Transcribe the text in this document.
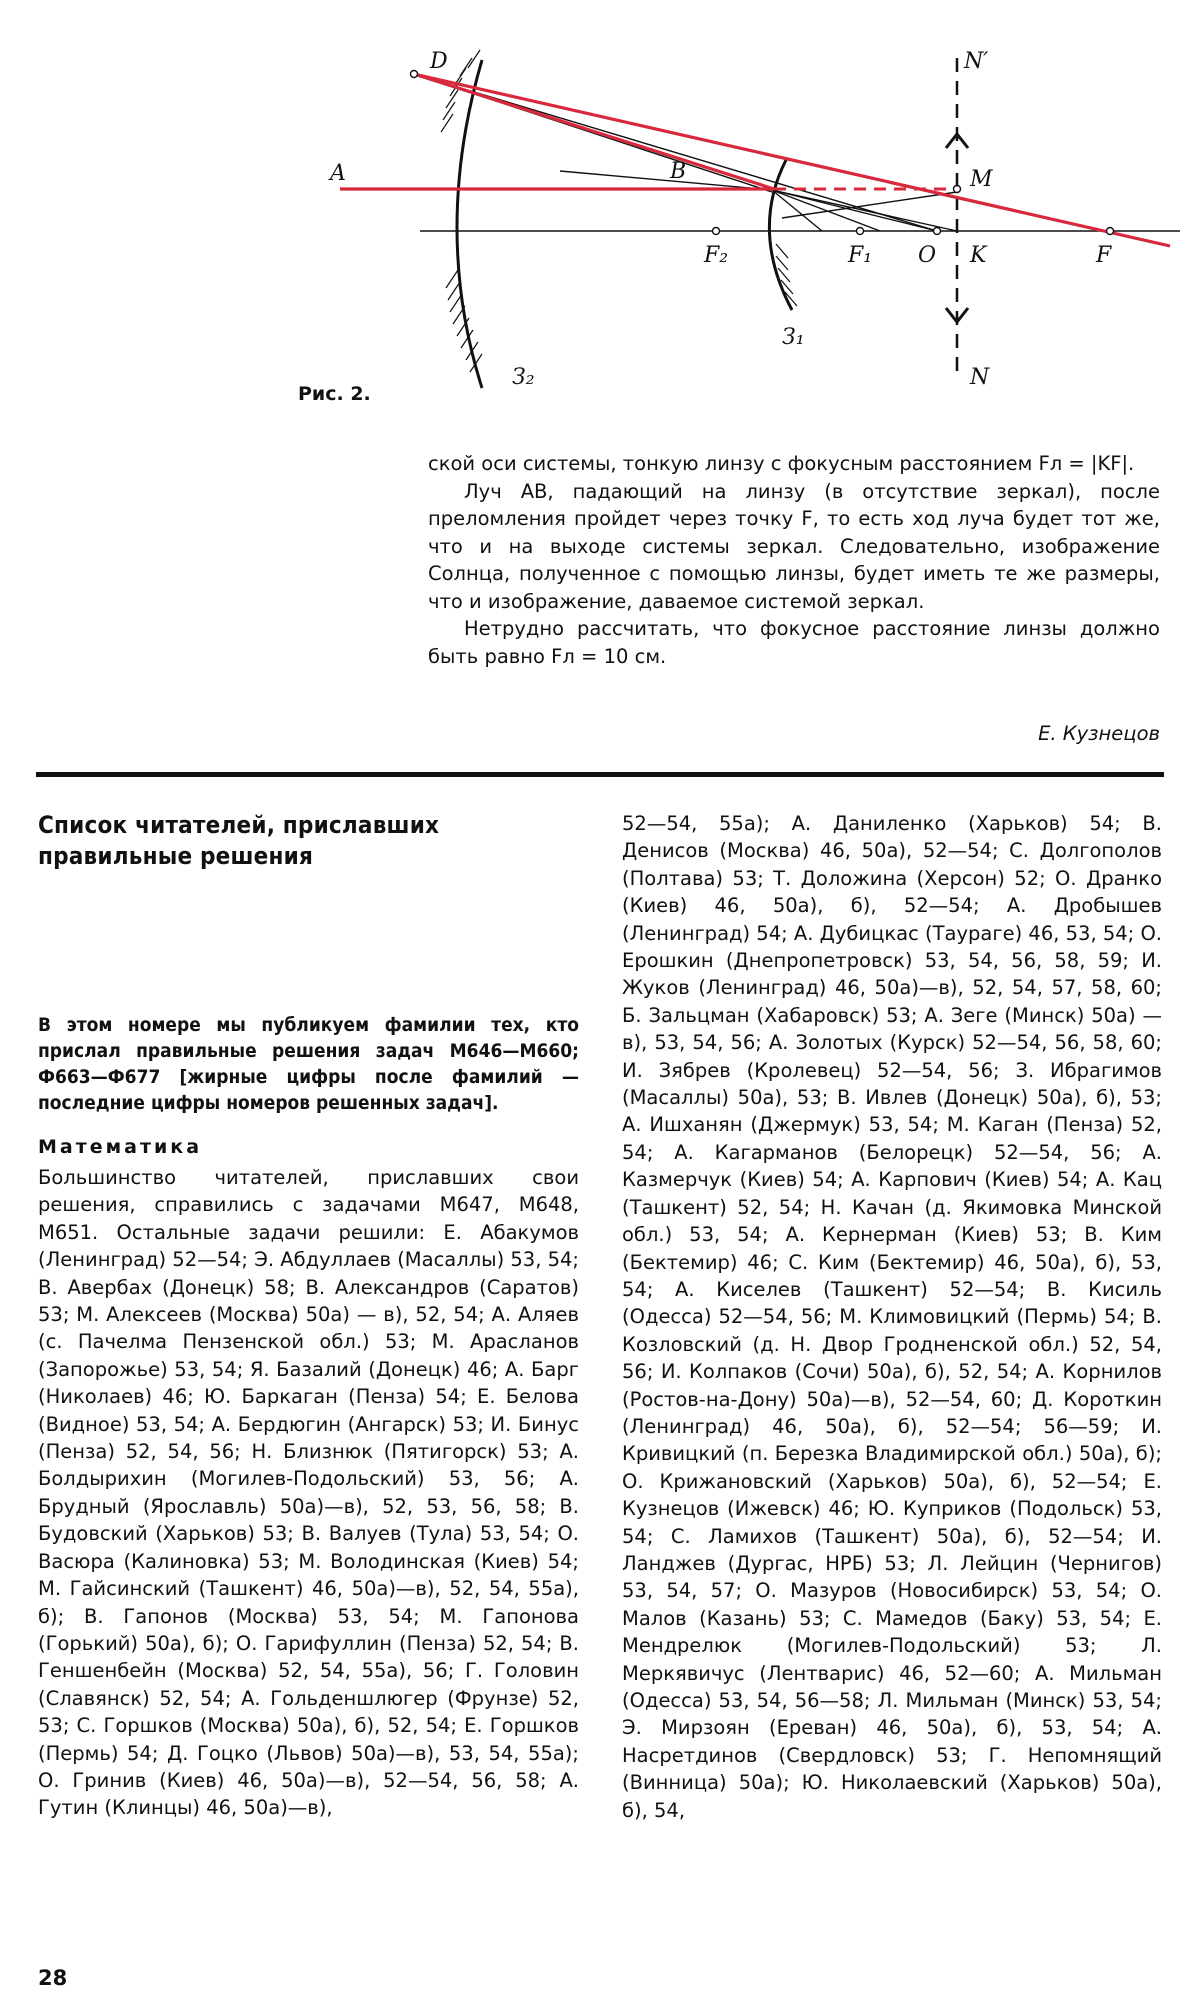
D
A	B	M
N′
N
F₂	F₁ O K	F
З₁
З₂
Рис. 2.

ской оси системы, тонкую линзу с фокусным расстоянием Fл = |KF|.

Луч AB, падающий на линзу (в отсутствие зеркал), после преломления пройдет через точку F, то есть ход луча будет тот же, что и на выходе системы зеркал. Следовательно, изображение Солнца, полученное с помощью линзы, будет иметь те же размеры, что и изображение, даваемое системой зеркал.

Нетрудно рассчитать, что фокусное расстояние линзы должно быть равно Fл = 10 см.

Е. Кузнецов
Список читателей, приславших правильные решения

В этом номере мы публикуем фамилии тех, кто прислал правильные решения задач М646—М660; Ф663—Ф677 [жирные цифры после фамилий — последние цифры номеров решенных задач].

Математика

Большинство читателей, приславших свои решения, справились с задачами М647, М648, М651. Остальные задачи решили: Е. Абакумов (Ленинград) 52—54; Э. Абдуллаев (Масаллы) 53, 54; В. Авербах (Донецк) 58; В. Александров (Саратов) 53; М. Алексеев (Москва) 50а) — в), 52, 54; А. Аляев (с. Пачелма Пензенской обл.) 53; М. Арасланов (Запорожье) 53, 54; Я. Базалий (Донецк) 46; А. Барг (Николаев) 46; Ю. Баркаган (Пенза) 54; Е. Белова (Видное) 53, 54; А. Бердюгин (Ангарск) 53; И. Бинус (Пенза) 52, 54, 56; Н. Близнюк (Пятигорск) 53; А. Болдырихин (Могилев-Подольский) 53, 56; А. Брудный (Ярославль) 50а)—в), 52, 53, 56, 58; В. Будовский (Харьков) 53; В. Валуев (Тула) 53, 54; О. Васюра (Калиновка) 53; М. Володинская (Киев) 54; М. Гайсинский (Ташкент) 46, 50а)—в), 52, 54, 55а), б); В. Гапонов (Москва) 53, 54; М. Гапонова (Горький) 50а), б); О. Гарифуллин (Пенза) 52, 54; В. Геншенбейн (Москва) 52, 54, 55а), 56; Г. Головин (Славянск) 52, 54; А. Гольденшлюгер (Фрунзе) 52, 53; С. Горшков (Москва) 50а), б), 52, 54; Е. Горшков (Пермь) 54; Д. Гоцко (Львов) 50а)—в), 53, 54, 55а); О. Гринив (Киев) 46, 50а)—в), 52—54, 56, 58; А. Гутин (Клинцы) 46, 50а)—в),

52—54, 55а); А. Даниленко (Харьков) 54; В. Денисов (Москва) 46, 50а), 52—54; С. Долгополов (Полтава) 53; Т. Доложина (Херсон) 52; О. Дранко (Киев) 46, 50а), б), 52—54; А. Дробышев (Ленинград) 54; А. Дубицкас (Таураге) 46, 53, 54; О. Ерошкин (Днепропетровск) 53, 54, 56, 58, 59; И. Жуков (Ленинград) 46, 50а)—в), 52, 54, 57, 58, 60; Б. Зальцман (Хабаровск) 53; А. Зеге (Минск) 50а) — в), 53, 54, 56; А. Золотых (Курск) 52—54, 56, 58, 60; И. Зябрев (Кролевец) 52—54, 56; З. Ибрагимов (Масаллы) 50а), 53; В. Ивлев (Донецк) 50а), б), 53; А. Ишханян (Джермук) 53, 54; М. Каган (Пенза) 52, 54; А. Кагарманов (Белорецк) 52—54, 56; А. Казмерчук (Киев) 54; А. Карпович (Киев) 54; А. Кац (Ташкент) 52, 54; Н. Качан (д. Якимовка Минской обл.) 53, 54; А. Кернерман (Киев) 53; В. Ким (Бектемир) 46; С. Ким (Бектемир) 46, 50а), б), 53, 54; А. Киселев (Ташкент) 52—54; В. Кисиль (Одесса) 52—54, 56; М. Климовицкий (Пермь) 54; В. Козловский (д. Н. Двор Гродненской обл.) 52, 54, 56; И. Колпаков (Сочи) 50а), б), 52, 54; А. Корнилов (Ростов-на-Дону) 50а)—в), 52—54, 60; Д. Короткин (Ленинград) 46, 50а), б), 52—54; 56—59; И. Кривицкий (п. Березка Владимирской обл.) 50а), б); О. Крижановский (Харьков) 50а), б), 52—54; Е. Кузнецов (Ижевск) 46; Ю. Куприков (Подольск) 53, 54; С. Ламихов (Ташкент) 50а), б), 52—54; И. Ланджев (Дургас, НРБ) 53; Л. Лейцин (Чернигов) 53, 54, 57; О. Мазуров (Новосибирск) 53, 54; О. Малов (Казань) 53; С. Мамедов (Баку) 53, 54; Е. Мендрелюк (Могилев-Подольский) 53; Л. Меркявичус (Лентварис) 46, 52—60; А. Мильман (Одесса) 53, 54, 56—58; Л. Мильман (Минск) 53, 54; Э. Мирзоян (Ереван) 46, 50а), б), 53, 54; А. Насретдинов (Свердловск) 53; Г. Непомнящий (Винница) 50а); Ю. Николаевский (Харьков) 50а), б), 54,

28
